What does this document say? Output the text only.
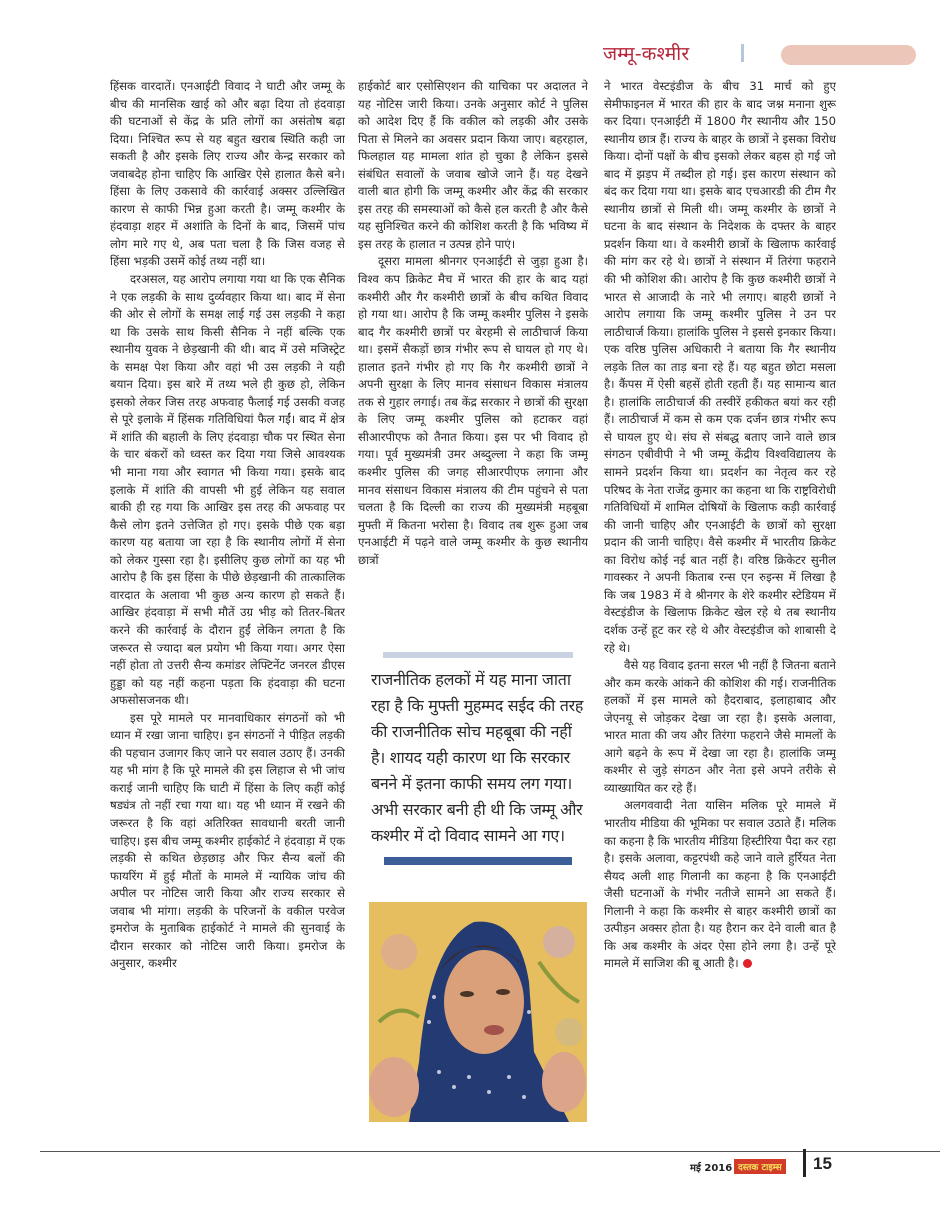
जम्मू-कश्मीर

हिंसक वारदातें। एनआईटी विवाद ने घाटी और जम्मू के बीच की मानसिक खाई को और बढ़ा दिया तो हंदवाड़ा की घटनाओं से केंद्र के प्रति लोगों का असंतोष बढ़ा दिया। निश्चित रूप से यह बहुत खराब स्थिति कही जा सकती है और इसके लिए राज्य और केन्द्र सरकार को जवाबदेह होना चाहिए कि आखिर ऐसे हालात कैसे बने। हिंसा के लिए उकसावे की कार्रवाई अक्सर उल्लिखित कारण से काफी भिन्न हुआ करती है। जम्मू कश्मीर के हंदवाड़ा शहर में अशांति के दिनों के बाद, जिसमें पांच लोग मारे गए थे, अब पता चला है कि जिस वजह से हिंसा भड़की उसमें कोई तथ्य नहीं था।

दरअसल, यह आरोप लगाया गया था कि एक सैनिक ने एक लड़की के साथ दुर्व्यवहार किया था। बाद में सेना की ओर से लोगों के समक्ष लाई गई उस लड़की ने कहा था कि उसके साथ किसी सैनिक ने नहीं बल्कि एक स्थानीय युवक ने छेड़खानी की थी। बाद में उसे मजिस्ट्रेट के समक्ष पेश किया और वहां भी उस लड़की ने यही बयान दिया। इस बारे में तथ्य भले ही कुछ हो, लेकिन इसको लेकर जिस तरह अफवाह फैलाई गई उसकी वजह से पूरे इलाके में हिंसक गतिविधियां फैल गईं। बाद में क्षेत्र में शांति की बहाली के लिए हंदवाड़ा चौक पर स्थित सेना के चार बंकरों को ध्वस्त कर दिया गया जिसे आवश्यक भी माना गया और स्वागत भी किया गया। इसके बाद इलाके में शांति की वापसी भी हुई लेकिन यह सवाल बाकी ही रह गया कि आखिर इस तरह की अफवाह पर कैसे लोग इतने उत्तेजित हो गए। इसके पीछे एक बड़ा कारण यह बताया जा रहा है कि स्थानीय लोगों में सेना को लेकर गुस्सा रहा है। इसीलिए कुछ लोगों का यह भी आरोप है कि इस हिंसा के पीछे छेड़खानी की तात्कालिक वारदात के अलावा भी कुछ अन्य कारण हो सकते हैं। आखिर हंदवाड़ा में सभी मौतें उग्र भीड़ को तितर-बितर करने की कार्रवाई के दौरान हुईं लेकिन लगता है कि जरूरत से ज्यादा बल प्रयोग भी किया गया। अगर ऐसा नहीं होता तो उत्तरी सैन्य कमांडर लेफ्टिनेंट जनरल डीएस हुड्डा को यह नहीं कहना पड़ता कि हंदवाड़ा की घटना अफसोसजनक थी।

इस पूरे मामले पर मानवाधिकार संगठनों को भी ध्यान में रखा जाना चाहिए। इन संगठनों ने पीड़ित लड़की की पहचान उजागर किए जाने पर सवाल उठाए हैं। उनकी यह भी मांग है कि पूरे मामले की इस लिहाज से भी जांच कराई जानी चाहिए कि घाटी में हिंसा के लिए कहीं कोई षड्यंत्र तो नहीं रचा गया था। यह भी ध्यान में रखने की जरूरत है कि वहां अतिरिक्त सावधानी बरती जानी चाहिए। इस बीच जम्मू कश्मीर हाईकोर्ट ने हंदवाड़ा में एक लड़की से कथित छेड़छाड़ और फिर सैन्य बलों की फायरिंग में हुई मौतों के मामले में न्यायिक जांच की अपील पर नोटिस जारी किया और राज्य सरकार से जवाब भी मांगा। लड़की के परिजनों के वकील परवेज इमरोज के मुताबिक हाईकोर्ट ने मामले की सुनवाई के दौरान सरकार को नोटिस जारी किया। इमरोज के अनुसार, कश्मीर

हाईकोर्ट बार एसोसिएशन की याचिका पर अदालत ने यह नोटिस जारी किया। उनके अनुसार कोर्ट ने पुलिस को आदेश दिए हैं कि वकील को लड़की और उसके पिता से मिलने का अवसर प्रदान किया जाए। बहरहाल, फिलहाल यह मामला शांत हो चुका है लेकिन इससे संबंधित सवालों के जवाब खोजे जाने हैं। यह देखने वाली बात होगी कि जम्मू कश्मीर और केंद्र की सरकार इस तरह की समस्याओं को कैसे हल करती है और कैसे यह सुनिश्चित करने की कोशिश करती है कि भविष्य में इस तरह के हालात न उत्पन्न होने पाएं।

दूसरा मामला श्रीनगर एनआईटी से जुड़ा हुआ है। विश्व कप क्रिकेट मैच में भारत की हार के बाद यहां कश्मीरी और गैर कश्मीरी छात्रों के बीच कथित विवाद हो गया था। आरोप है कि जम्मू कश्मीर पुलिस ने इसके बाद गैर कश्मीरी छात्रों पर बेरहमी से लाठीचार्ज किया था। इसमें सैकड़ों छात्र गंभीर रूप से घायल हो गए थे। हालात इतने गंभीर हो गए कि गैर कश्मीरी छात्रों ने अपनी सुरक्षा के लिए मानव संसाधन विकास मंत्रालय तक से गुहार लगाई। तब केंद्र सरकार ने छात्रों की सुरक्षा के लिए जम्मू कश्मीर पुलिस को हटाकर वहां सीआरपीएफ को तैनात किया। इस पर भी विवाद हो गया। पूर्व मुख्यमंत्री उमर अब्दुल्ला ने कहा कि जम्मू कश्मीर पुलिस की जगह सीआरपीएफ लगाना और मानव संसाधन विकास मंत्रालय की टीम पहुंचने से पता चलता है कि दिल्ली का राज्य की मुख्यमंत्री महबूबा मुफ्ती में कितना भरोसा है। विवाद तब शुरू हुआ जब एनआईटी में पढ़ने वाले जम्मू कश्मीर के कुछ स्थानीय छात्रों

राजनीतिक हलकों में यह माना जाता रहा है कि मुफ्ती मुहम्मद सईद की तरह की राजनीतिक सोच महबूबा की नहीं है। शायद यही कारण था कि सरकार बनने में इतना काफी समय लग गया। अभी सरकार बनी ही थी कि जम्मू और कश्मीर में दो विवाद सामने आ गए।

ने भारत वेस्टइंडीज के बीच 31 मार्च को हुए सेमीफाइनल में भारत की हार के बाद जश्न मनाना शुरू कर दिया। एनआईटी में 1800 गैर स्थानीय और 150 स्थानीय छात्र हैं। राज्य के बाहर के छात्रों ने इसका विरोध किया। दोनों पक्षों के बीच इसको लेकर बहस हो गई जो बाद में झड़प में तब्दील हो गई। इस कारण संस्थान को बंद कर दिया गया था। इसके बाद एचआरडी की टीम गैर स्थानीय छात्रों से मिली थी। जम्मू कश्मीर के छात्रों ने घटना के बाद संस्थान के निदेशक के दफ्तर के बाहर प्रदर्शन किया था। वे कश्मीरी छात्रों के खिलाफ कार्रवाई की मांग कर रहे थे। छात्रों ने संस्थान में तिरंगा फहराने की भी कोशिश की। आरोप है कि कुछ कश्मीरी छात्रों ने भारत से आजादी के नारे भी लगाए। बाहरी छात्रों ने आरोप लगाया कि जम्मू कश्मीर पुलिस ने उन पर लाठीचार्ज किया। हालांकि पुलिस ने इससे इनकार किया। एक वरिष्ठ पुलिस अधिकारी ने बताया कि गैर स्थानीय लड़के तिल का ताड़ बना रहे हैं। यह बहुत छोटा मसला है। कैंपस में ऐसी बहसें होती रहती हैं। यह सामान्य बात है। हालांकि लाठीचार्ज की तस्वीरें हकीकत बयां कर रही हैं। लाठीचार्ज में कम से कम एक दर्जन छात्र गंभीर रूप से घायल हुए थे। संघ से संबद्ध बताए जाने वाले छात्र संगठन एबीवीपी ने भी जम्मू केंद्रीय विश्वविद्यालय के सामने प्रदर्शन किया था। प्रदर्शन का नेतृत्व कर रहे परिषद के नेता राजेंद्र कुमार का कहना था कि राष्ट्रविरोधी गतिविधियों में शामिल दोषियों के खिलाफ कड़ी कार्रवाई की जानी चाहिए और एनआईटी के छात्रों को सुरक्षा प्रदान की जानी चाहिए। वैसे कश्मीर में भारतीय क्रिकेट का विरोध कोई नई बात नहीं है। वरिष्ठ क्रिकेटर सुनील गावस्कर ने अपनी किताब रन्स एन रुइन्स में लिखा है कि जब 1983 में वे श्रीनगर के शेरे कश्मीर स्टेडियम में वेस्टइंडीज के खिलाफ क्रिकेट खेल रहे थे तब स्थानीय दर्शक उन्हें हूट कर रहे थे और वेस्टइंडीज को शाबासी दे रहे थे।

वैसे यह विवाद इतना सरल भी नहीं है जितना बताने और कम करके आंकने की कोशिश की गई। राजनीतिक हलकों में इस मामले को हैदराबाद, इलाहाबाद और जेएनयू से जोड़कर देखा जा रहा है। इसके अलावा, भारत माता की जय और तिरंगा फहराने जैसे मामलों के आगे बढ़ने के रूप में देखा जा रहा है। हालांकि जम्मू कश्मीर से जुड़े संगठन और नेता इसे अपने तरीके से व्याख्यायित कर रहे हैं।

अलगववादी नेता यासिन मलिक पूरे मामले में भारतीय मीडिया की भूमिका पर सवाल उठाते हैं। मलिक का कहना है कि भारतीय मीडिया हिस्टीरिया पैदा कर रहा है। इसके अलावा, कट्टरपंथी कहे जाने वाले हुर्रियत नेता सैयद अली शाह गिलानी का कहना है कि एनआईटी जैसी घटनाओं के गंभीर नतीजे सामने आ सकते हैं। गिलानी ने कहा कि कश्मीर से बाहर कश्मीरी छात्रों का उत्पीड़न अक्सर होता है। यह हैरान कर देने वाली बात है कि अब कश्मीर के अंदर ऐसा होने लगा है। उन्हें पूरे मामले में साजिश की बू आती है।

मई 2016 दस्तक टाइम्स 15
